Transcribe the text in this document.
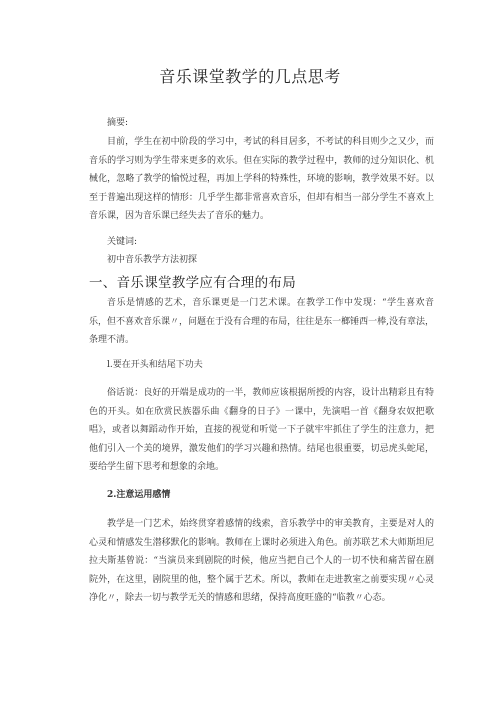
音乐课堂教学的几点思考
摘要:
目前，学生在初中阶段的学习中，考试的科目居多，不考试的科目则少之又少，而音乐的学习则为学生带来更多的欢乐。但在实际的教学过程中，教师的过分知识化、机械化，忽略了教学的愉悦过程，再加上学科的特殊性，环境的影响，教学效果不好。以至于普遍出现这样的情形：几乎学生都非常喜欢音乐，但却有相当一部分学生不喜欢上音乐课，因为音乐课已经失去了音乐的魅力。
关键词:
初中音乐教学方法初探
一、音乐课堂教学应有合理的布局
音乐是情感的艺术，音乐课更是一门艺术课。在教学工作中发现：“学生喜欢音乐，但不喜欢音乐课〃，问题在于没有合理的布局，往往是东一榔锤西一棒,没有章法，条理不清。
l.要在开头和结尾下功夫
俗话说：良好的开端是成功的一半，教师应该根据所授的内容，设计出精彩且有特色的开头。如在欣赏民族器乐曲《翻身的日子》一课中，先演唱一首《翻身农奴把歌唱》，或者以舞蹈动作开始，直接的视觉和听觉一下子就牢牢抓住了学生的注意力，把他们引入一个美的境界，激发他们的学习兴趣和热情。结尾也很重要，切忌虎头蛇尾，要给学生留下思考和想象的余地。
2.注意运用感情
教学是一门艺术，始终贯穿着感情的线索，音乐教学中的审美教育，主要是对人的心灵和情感发生潜移默化的影响。教师在上课时必须进入角色。前苏联艺术大师斯坦尼拉夫斯基曾说：“当演员来到剧院的时候，他应当把自己个人的一切不快和痛苦留在剧院外，在这里，剧院里的他，整个属于艺术。所以，教师在走进教室之前要实现〃心灵净化〃，除去一切与教学无关的情感和思绪，保持高度旺盛的“临教〃心态。
